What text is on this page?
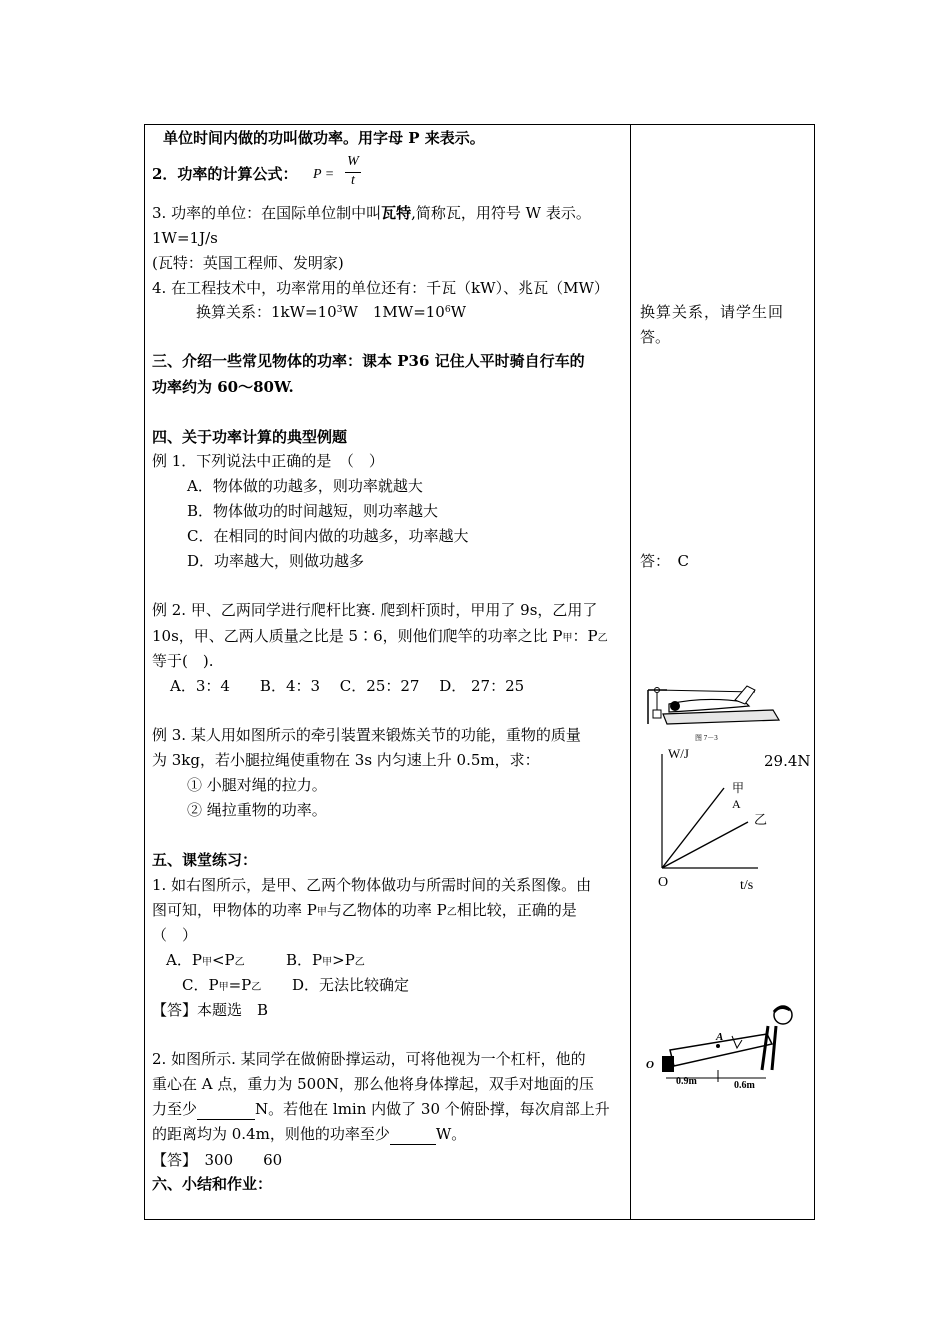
单位时间内做的功叫做功率。用字母 P 来表示。
2．功率的计算公式： $P = \frac{W}{t}$
3. 功率的单位：在国际单位制中叫瓦特,简称瓦，用符号 W 表示。
1W=1J/s
(瓦特：英国工程师、发明家)
4. 在工程技术中，功率常用的单位还有：千瓦（kW）、兆瓦（MW）
换算关系：$1kW=10^3W$　$1MW=10^6W$
三、介绍一些常见物体的功率：课本 P36 记住人平时骑自行车的
功率约为 60～80W.
四、关于功率计算的典型例题
例 1．下列说法中正确的是　（　）
A．物体做的功越多，则功率就越大
B．物体做功的时间越短，则功率越大
C．在相同的时间内做的功越多，功率越大
D．功率越大，则做功越多
例 2. 甲、乙两同学进行爬杆比赛. 爬到杆顶时，甲用了 9s，乙用了
10s，甲、乙两人质量之比是 5∶6，则他们爬竿的功率之比 P甲：P乙
等于(　).
A．3：4　　B．4：3　 C．25：27　 D． 27：25
例 3. 某人用如图所示的牵引装置来锻炼关节的功能，重物的质量
为 3kg，若小腿拉绳使重物在 3s 内匀速上升 0.5m，求：
① 小腿对绳的拉力。
② 绳拉重物的功率。
五、课堂练习：
1. 如右图所示，是甲、乙两个物体做功与所需时间的关系图像。由
图可知，甲物体的功率 P甲与乙物体的功率 P乙相比较，正确的是
（　）
A．P甲<P乙	B．P甲>P乙
C．P甲=P乙 D．无法比较确定
【答】本题选　B
2. 如图所示. 某同学在做俯卧撑运动，可将他视为一个杠杆，他的
重心在 A 点，重力为 500N，那么他将身体撑起，双手对地面的压
力至少	N。若他在 lmin 内做了 30 个俯卧撑，每次肩部上升
的距离均为 0.4m，则他的功率至少	W。
【答】　300　　60
六、小结和作业：
换算关系，请学生回
答。
答：　C
图 7－3
29.4N
W/J
t/s
O
甲
A
乙
A
O
0.9m	0.6m
